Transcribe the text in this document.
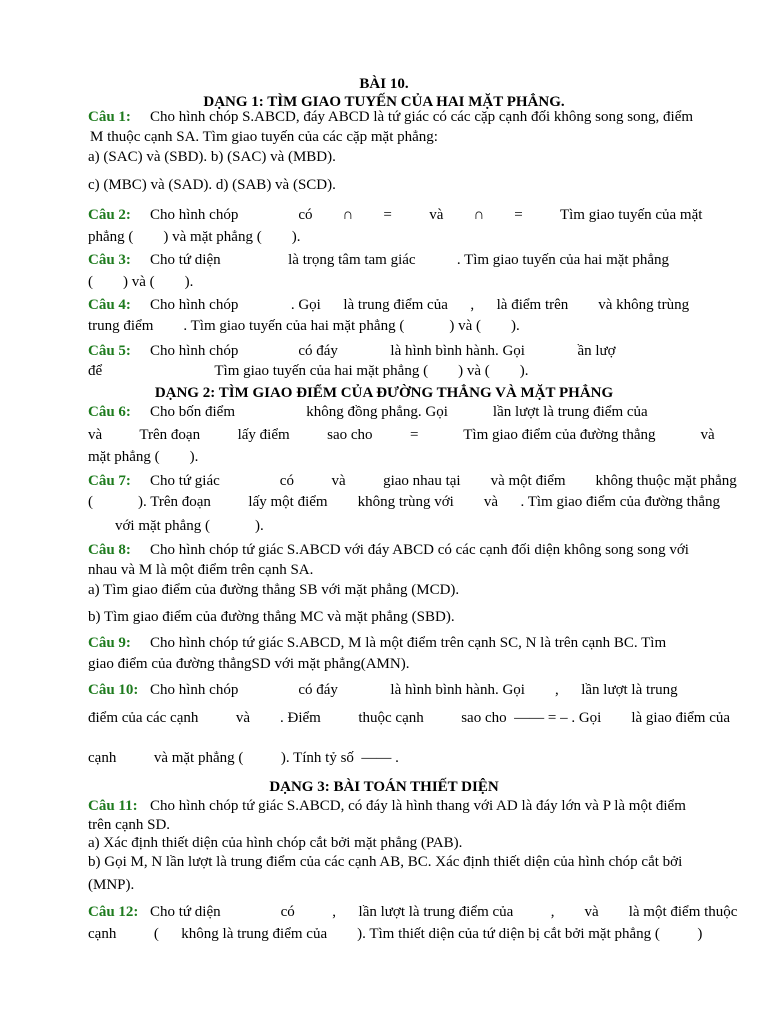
BÀI 10.
DẠNG 1: TÌM GIAO TUYẾN CỦA HAI MẶT PHẲNG.
DẠNG 2: TÌM GIAO ĐIỂM CỦA ĐƯỜNG THẲNG VÀ MẶT PHẲNG
DẠNG 3: BÀI TOÁN THIẾT DIỆN
Câu 1: Cho hình chóp S.ABCD, đáy ABCD là tứ giác có các cặp cạnh đối không song song, điểm
M thuộc cạnh SA. Tìm giao tuyến của các cặp mặt phẳng:
a) (SAC) và (SBD). b) (SAC) và (MBD).
c) (MBC) và (SAD). d) (SAB) và (SCD).
Câu 2: Cho hình chóp                có        ∩        =          và        ∩        =          Tìm giao tuyến của mặt
phẳng (        ) và mặt phẳng (        ).
Câu 3: Cho tứ diện                  là trọng tâm tam giác           . Tìm giao tuyến của hai mặt phẳng
(        ) và (        ).
Câu 4: Cho hình chóp              . Gọi      là trung điểm của      ,      là điểm trên        và không trùng
trung điểm        . Tìm giao tuyến của hai mặt phẳng (            ) và (        ).
Câu 5: Cho hình chóp                có đáy              là hình bình hành. Gọi              ần lượ
để                              Tìm giao tuyến của hai mặt phẳng (        ) và (        ).
Câu 6: Cho bốn điểm                   không đồng phẳng. Gọi            lần lượt là trung điểm của
và          Trên đoạn          lấy điểm          sao cho          =            Tìm giao điểm của đường thẳng            và
mặt phẳng (        ).
Câu 7: Cho tứ giác                có          và          giao nhau tại        và một điểm        không thuộc mặt phẳng
(            ). Trên đoạn          lấy một điểm        không trùng với        và      . Tìm giao điểm của đường thẳng
với mặt phẳng (            ).
Câu 8: Cho hình chóp tứ giác S.ABCD với đáy ABCD có các cạnh đối diện không song song với
nhau và M là một điểm trên cạnh SA.
a) Tìm giao điểm của đường thẳng SB với mặt phẳng (MCD).
b) Tìm giao điểm của đường thẳng MC và mặt phẳng (SBD).
Câu 9: Cho hình chóp tứ giác S.ABCD, M là một điểm trên cạnh SC, N là trên cạnh BC. Tìm
giao điểm của đường thẳngSD với mặt phẳng(AMN).
Câu 10: Cho hình chóp                có đáy              là hình bình hành. Gọi        ,      lần lượt là trung
điểm của các cạnh          và        . Điểm          thuộc cạnh          sao cho  —— = – . Gọi        là giao điểm của
cạnh          và mặt phẳng (          ). Tính tỷ số  —— .
Câu 11: Cho hình chóp tứ giác S.ABCD, có đáy là hình thang với AD là đáy lớn và P là một điểm
trên cạnh SD.
a) Xác định thiết diện của hình chóp cắt bởi mặt phẳng (PAB).
b) Gọi M, N lần lượt là trung điểm của các cạnh AB, BC. Xác định thiết diện của hình chóp cắt bởi
(MNP).
Câu 12: Cho tứ diện                có          ,      lần lượt là trung điểm của          ,        và        là một điểm thuộc
cạnh          (      không là trung điểm của        ). Tìm thiết diện của tứ diện bị cắt bởi mặt phẳng (          )
